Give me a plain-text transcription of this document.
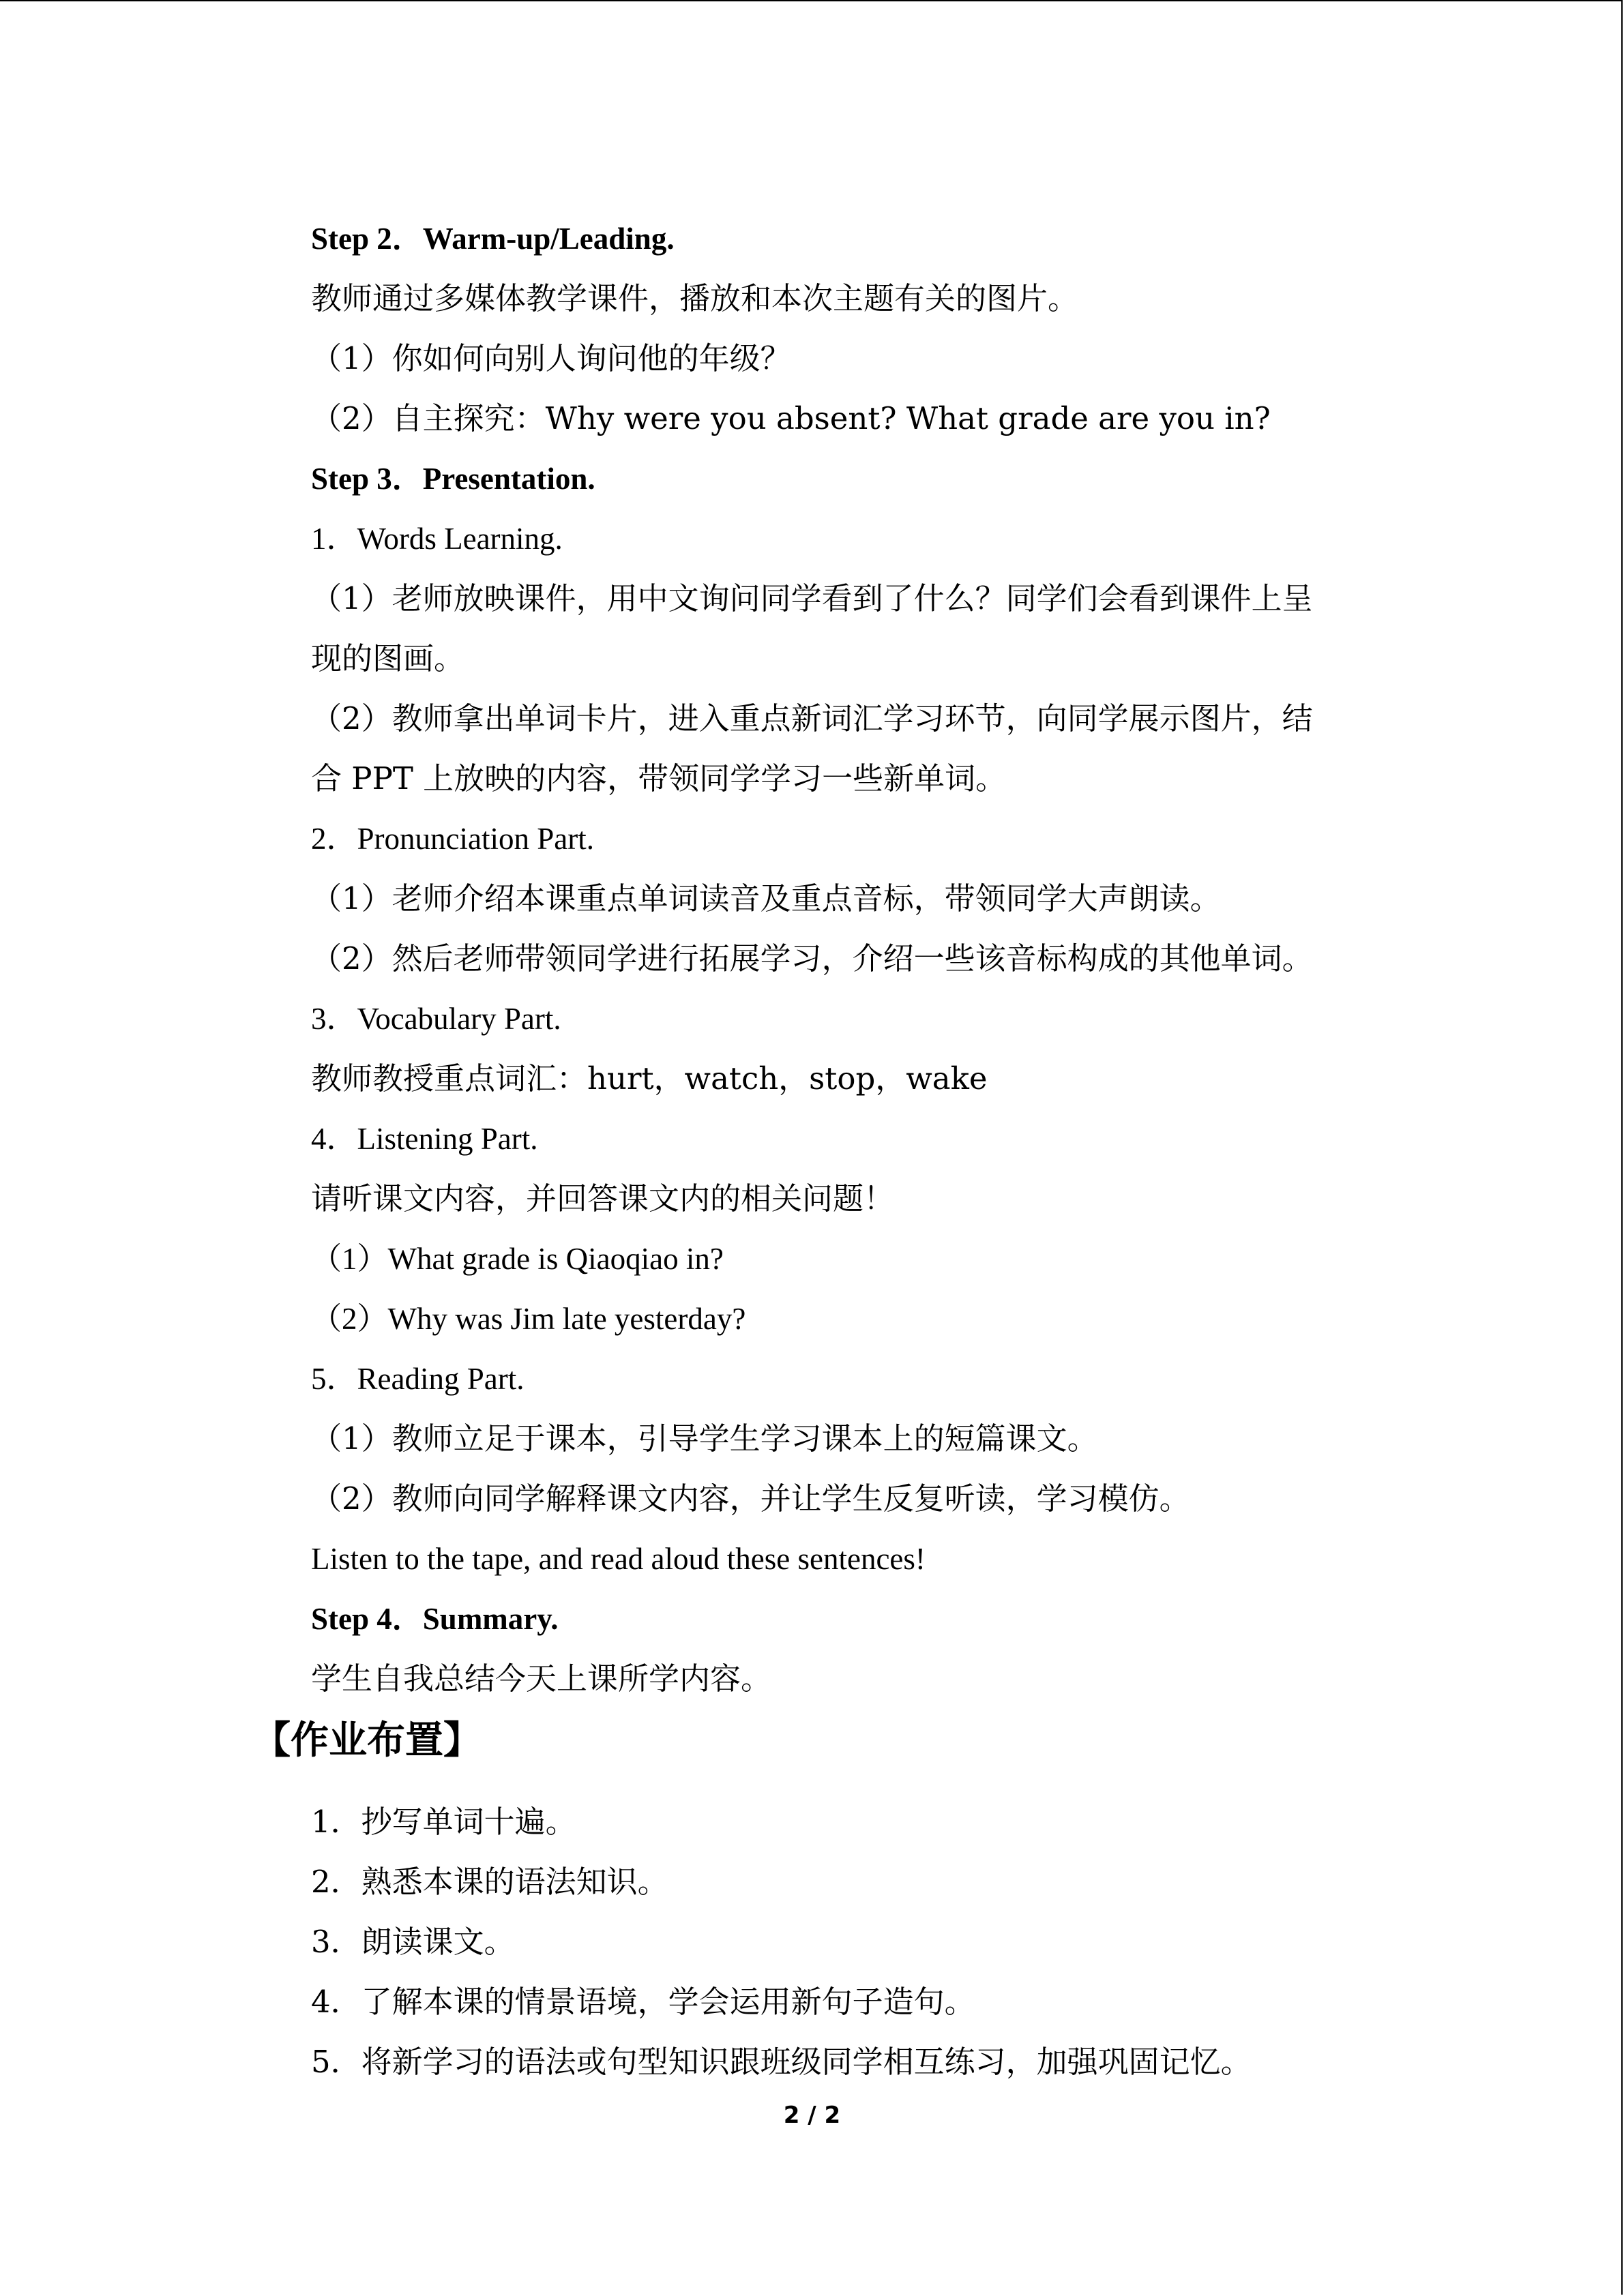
Step 2．Warm-up/Leading.
教师通过多媒体教学课件，播放和本次主题有关的图片。
（1）你如何向别人询问他的年级？
（2）自主探究：Why were you absent? What grade are you in?
Step 3．Presentation.
1．Words Learning.
（1）老师放映课件，用中文询问同学看到了什么？同学们会看到课件上呈
现的图画。
（2）教师拿出单词卡片，进入重点新词汇学习环节，向同学展示图片，结
合 PPT 上放映的内容，带领同学学习一些新单词。
2．Pronunciation Part.
（1）老师介绍本课重点单词读音及重点音标，带领同学大声朗读。
（2）然后老师带领同学进行拓展学习，介绍一些该音标构成的其他单词。
3．Vocabulary Part.
教师教授重点词汇：hurt，watch，stop，wake
4．Listening Part.
请听课文内容，并回答课文内的相关问题！
（1）What grade is Qiaoqiao in?
（2）Why was Jim late yesterday?
5．Reading Part.
（1）教师立足于课本，引导学生学习课本上的短篇课文。
（2）教师向同学解释课文内容，并让学生反复听读，学习模仿。
Listen to the tape, and read aloud these sentences!
Step 4．Summary.
学生自我总结今天上课所学内容。
【作业布置】
1．抄写单词十遍。
2．熟悉本课的语法知识。
3．朗读课文。
4．了解本课的情景语境，学会运用新句子造句。
5．将新学习的语法或句型知识跟班级同学相互练习，加强巩固记忆。
2 / 2
